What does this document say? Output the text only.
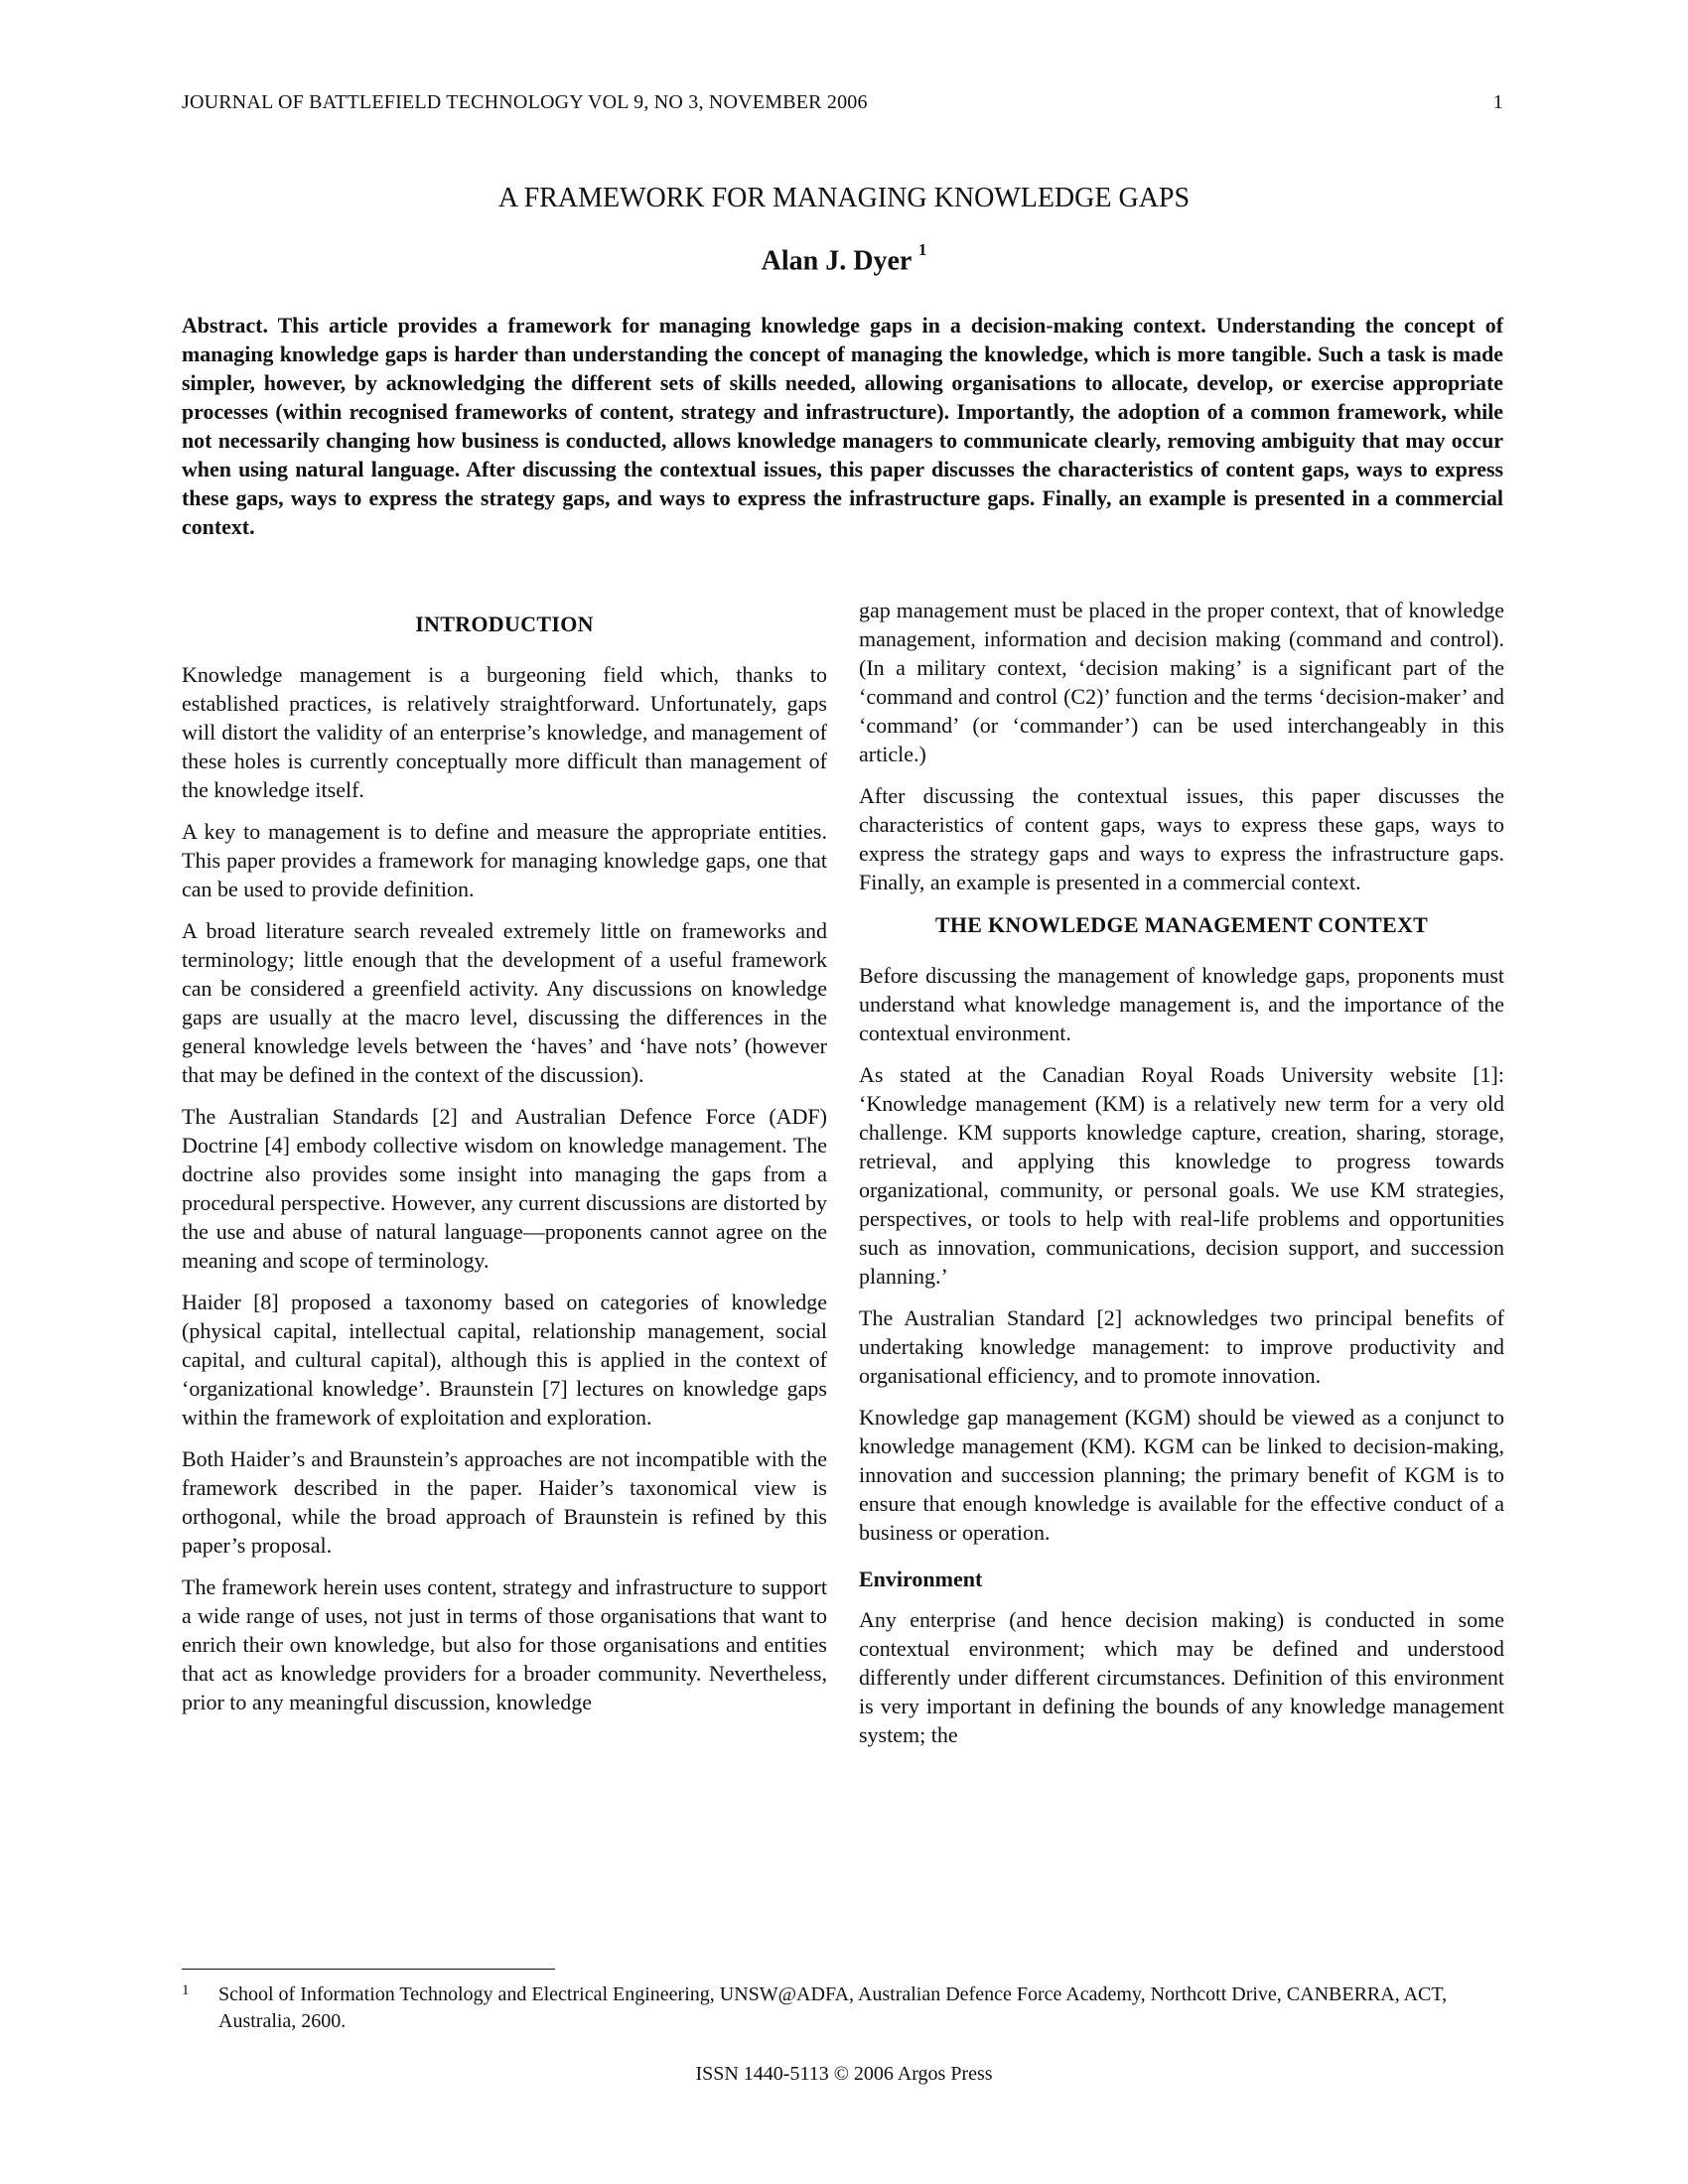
JOURNAL OF BATTLEFIELD TECHNOLOGY VOL 9, NO 3, NOVEMBER 2006	1
A FRAMEWORK FOR MANAGING KNOWLEDGE GAPS
Alan J. Dyer $^1$

Abstract. This article provides a framework for managing knowledge gaps in a decision-making context. Understanding the concept of managing knowledge gaps is harder than understanding the concept of managing the knowledge, which is more tangible. Such a task is made simpler, however, by acknowledging the different sets of skills needed, allowing organisations to allocate, develop, or exercise appropriate processes (within recognised frameworks of content, strategy and infrastructure). Importantly, the adoption of a common framework, while not necessarily changing how business is conducted, allows knowledge managers to communicate clearly, removing ambiguity that may occur when using natural language. After discussing the contextual issues, this paper discusses the characteristics of content gaps, ways to express these gaps, ways to express the strategy gaps, and ways to express the infrastructure gaps. Finally, an example is presented in a commercial context.

INTRODUCTION

Knowledge management is a burgeoning field which, thanks to established practices, is relatively straightforward. Unfortunately, gaps will distort the validity of an enterprise’s knowledge, and management of these holes is currently conceptually more difficult than management of the knowledge itself.

A key to management is to define and measure the appropriate entities. This paper provides a framework for managing knowledge gaps, one that can be used to provide definition.

A broad literature search revealed extremely little on frameworks and terminology; little enough that the development of a useful framework can be considered a greenfield activity. Any discussions on knowledge gaps are usually at the macro level, discussing the differences in the general knowledge levels between the ‘haves’ and ‘have nots’ (however that may be defined in the context of the discussion).

The Australian Standards [2] and Australian Defence Force (ADF) Doctrine [4] embody collective wisdom on knowledge management. The doctrine also provides some insight into managing the gaps from a procedural perspective. However, any current discussions are distorted by the use and abuse of natural language—proponents cannot agree on the meaning and scope of terminology.

Haider [8] proposed a taxonomy based on categories of knowledge (physical capital, intellectual capital, relationship management, social capital, and cultural capital), although this is applied in the context of ‘organizational knowledge’. Braunstein [7] lectures on knowledge gaps within the framework of exploitation and exploration.

Both Haider’s and Braunstein’s approaches are not incompatible with the framework described in the paper. Haider’s taxonomical view is orthogonal, while the broad approach of Braunstein is refined by this paper’s proposal.

The framework herein uses content, strategy and infrastructure to support a wide range of uses, not just in terms of those organisations that want to enrich their own knowledge, but also for those organisations and entities that act as knowledge providers for a broader community. Nevertheless, prior to any meaningful discussion, knowledge

gap management must be placed in the proper context, that of knowledge management, information and decision making (command and control). (In a military context, ‘decision making’ is a significant part of the ‘command and control (C2)’ function and the terms ‘decision-maker’ and ‘command’ (or ‘commander’) can be used interchangeably in this article.)

After discussing the contextual issues, this paper discusses the characteristics of content gaps, ways to express these gaps, ways to express the strategy gaps and ways to express the infrastructure gaps. Finally, an example is presented in a commercial context.

THE KNOWLEDGE MANAGEMENT CONTEXT

Before discussing the management of knowledge gaps, proponents must understand what knowledge management is, and the importance of the contextual environment.

As stated at the Canadian Royal Roads University website [1]: ‘Knowledge management (KM) is a relatively new term for a very old challenge. KM supports knowledge capture, creation, sharing, storage, retrieval, and applying this knowledge to progress towards organizational, community, or personal goals. We use KM strategies, perspectives, or tools to help with real-life problems and opportunities such as innovation, communications, decision support, and succession planning.’

The Australian Standard [2] acknowledges two principal benefits of undertaking knowledge management: to improve productivity and organisational efficiency, and to promote innovation.

Knowledge gap management (KGM) should be viewed as a conjunct to knowledge management (KM). KGM can be linked to decision-making, innovation and succession planning; the primary benefit of KGM is to ensure that enough knowledge is available for the effective conduct of a business or operation.

Environment

Any enterprise (and hence decision making) is conducted in some contextual environment; which may be defined and understood differently under different circumstances. Definition of this environment is very important in defining the bounds of any knowledge management system; the

1 School of Information Technology and Electrical Engineering, UNSW@ADFA, Australian Defence Force Academy, Northcott Drive, CANBERRA, ACT, Australia, 2600.
ISSN 1440-5113 © 2006 Argos Press
